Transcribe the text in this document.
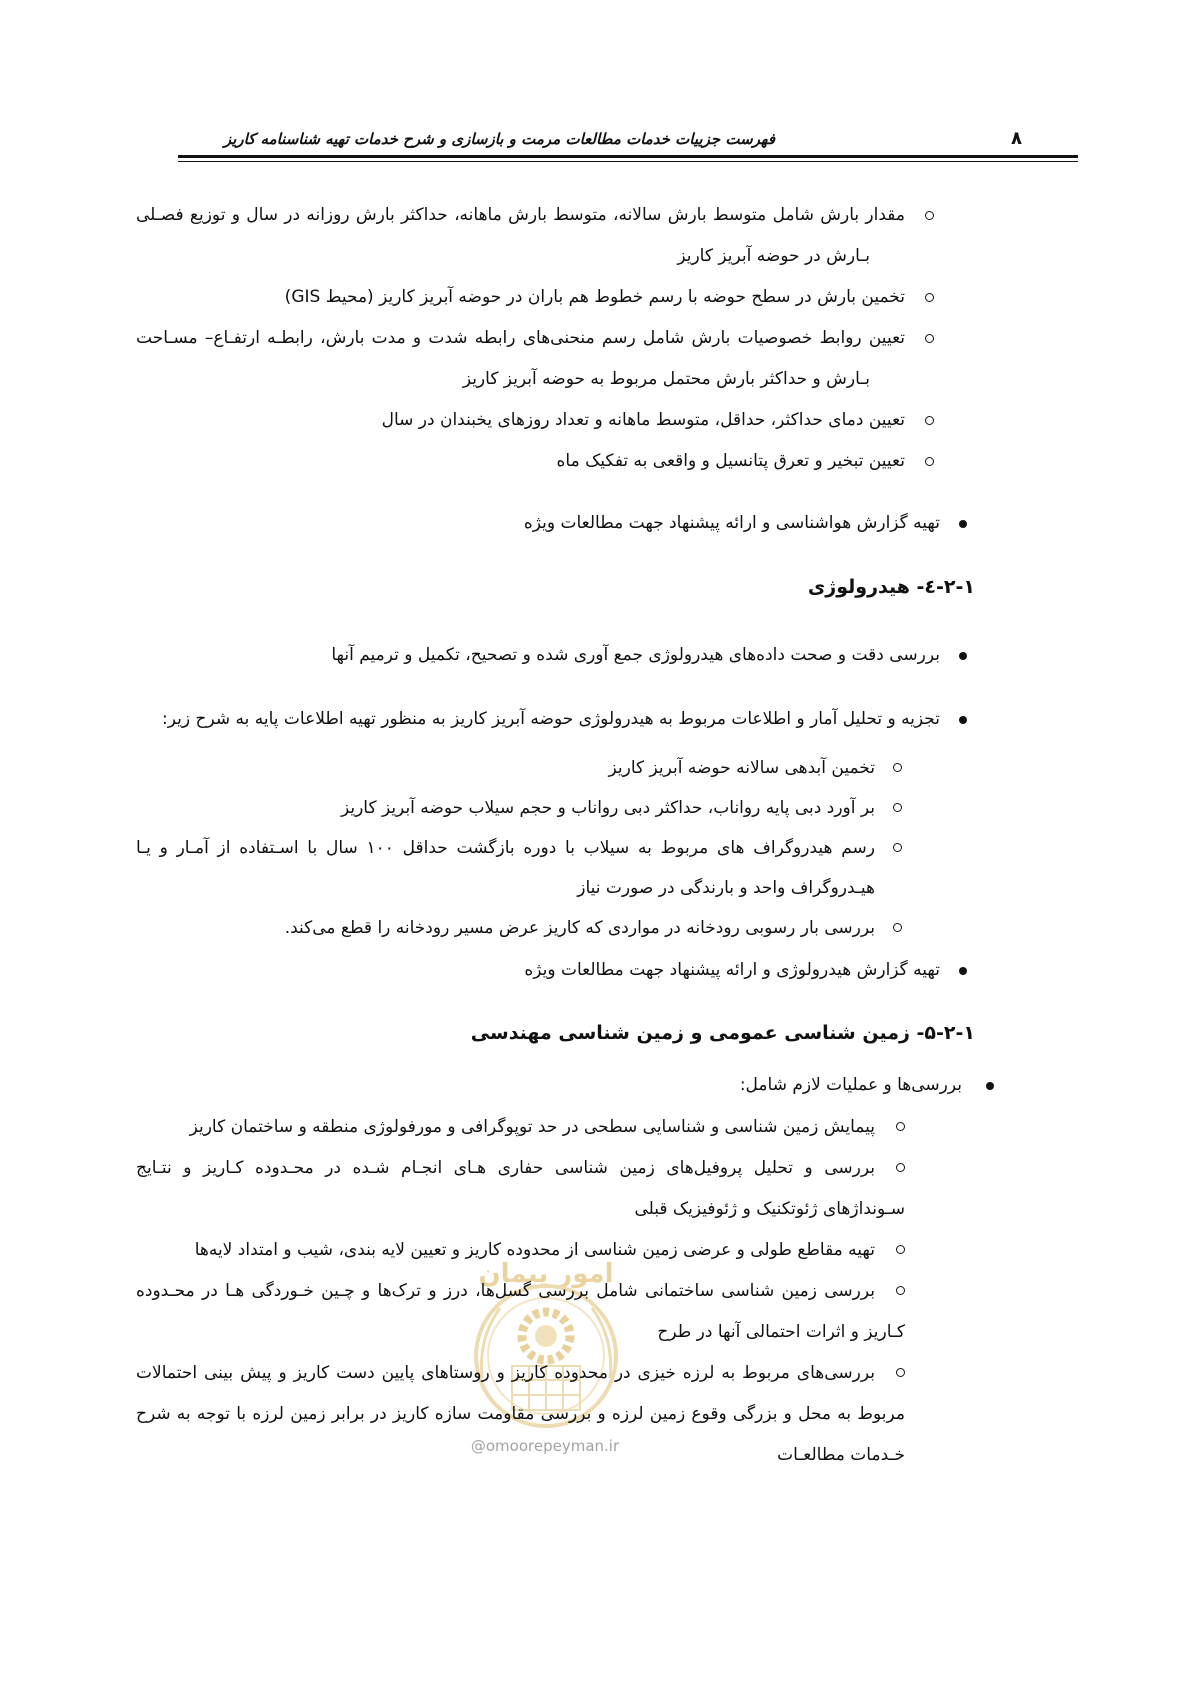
۸
فهرست جزییات خدمات مطالعات مرمت و بازسازی و شرح خدمات تهیه شناسنامه کاریز
امور پیمان
@omoorepeyman.ir
مقدار بارش شامل متوسط بارش سالانه، متوسط بارش ماهانه، حداکثر بارش روزانه در سال و توزیع فصـلی بـارش در حوضه آبریز کاریز
تخمین بارش در سطح حوضه با رسم خطوط هم باران در حوضه آبریز کاریز (محیط GIS)
تعیین روابط خصوصیات بارش شامل رسم منحنی‌های رابطه شدت و مدت بارش، رابطـه ارتفـاع– مسـاحت بـارش و حداکثر بارش محتمل مربوط به حوضه آبریز کاریز
تعیین دمای حداکثر، حداقل، متوسط ماهانه و تعداد روزهای یخبندان در سال
تعیین تبخیر و تعرق پتانسیل و واقعی به تفکیک ماه
تهیه گزارش هواشناسی و ارائه پیشنهاد جهت مطالعات ویژه
۱-۲-٤- هیدرولوژی
بررسی دقت و صحت داده‌های هیدرولوژی جمع آوری شده و تصحیح، تکمیل و ترمیم آنها
تجزیه و تحلیل آمار و اطلاعات مربوط به هیدرولوژی حوضه آبریز کاریز به منظور تهیه اطلاعات پایه به شرح زیر:
تخمین آبدهی سالانه حوضه آبریز کاریز
بر آورد دبی پایه رواناب، حداکثر دبی رواناب و حجم سیلاب حوضه آبریز کاریز
رسم هیدروگراف های مربوط به سیلاب با دوره بازگشت حداقل ۱۰۰ سال با اسـتفاده از آمـار و یـا هیـدروگراف واحد و بارندگی در صورت نیاز
بررسی بار رسوبی رودخانه در مواردی که کاریز عرض مسیر رودخانه را قطع می‌کند.
تهیه گزارش هیدرولوژی و ارائه پیشنهاد جهت مطالعات ویژه
۱-۲-۵- زمین شناسی عمومی و زمین شناسی مهندسی
بررسی‌ها و عملیات لازم شامل:
پیمایش زمین شناسی و شناسایی سطحی در حد توپوگرافی و مورفولوژی منطقه و ساختمان کاریز
بررسی و تحلیل پروفیل‌های زمین شناسی حفاری هـای انجـام شـده در محـدوده کـاریز و نتـایج سـونداژهای ژئوتکنیک و ژئوفیزیک قبلی
تهیه مقاطع طولی و عرضی زمین شناسی از محدوده کاریز و تعیین لایه بندی، شیب و امتداد لایه‌ها
بررسی زمین شناسی ساختمانی شامل بررسی گسل‌ها، درز و ترک‌ها و چـین خـوردگی هـا در محـدوده کـاریز و اثرات احتمالی آنها در طرح
بررسی‌های مربوط به لرزه خیزی در محدوده کاریز و روستاهای پایین دست کاریز و پیش بینی احتمالات مربوط به محل و بزرگی وقوع زمین لرزه و بررسی مقاومت سازه کاریز در برابر زمین لرزه با توجه به شرح خـدمات مطالعـات
